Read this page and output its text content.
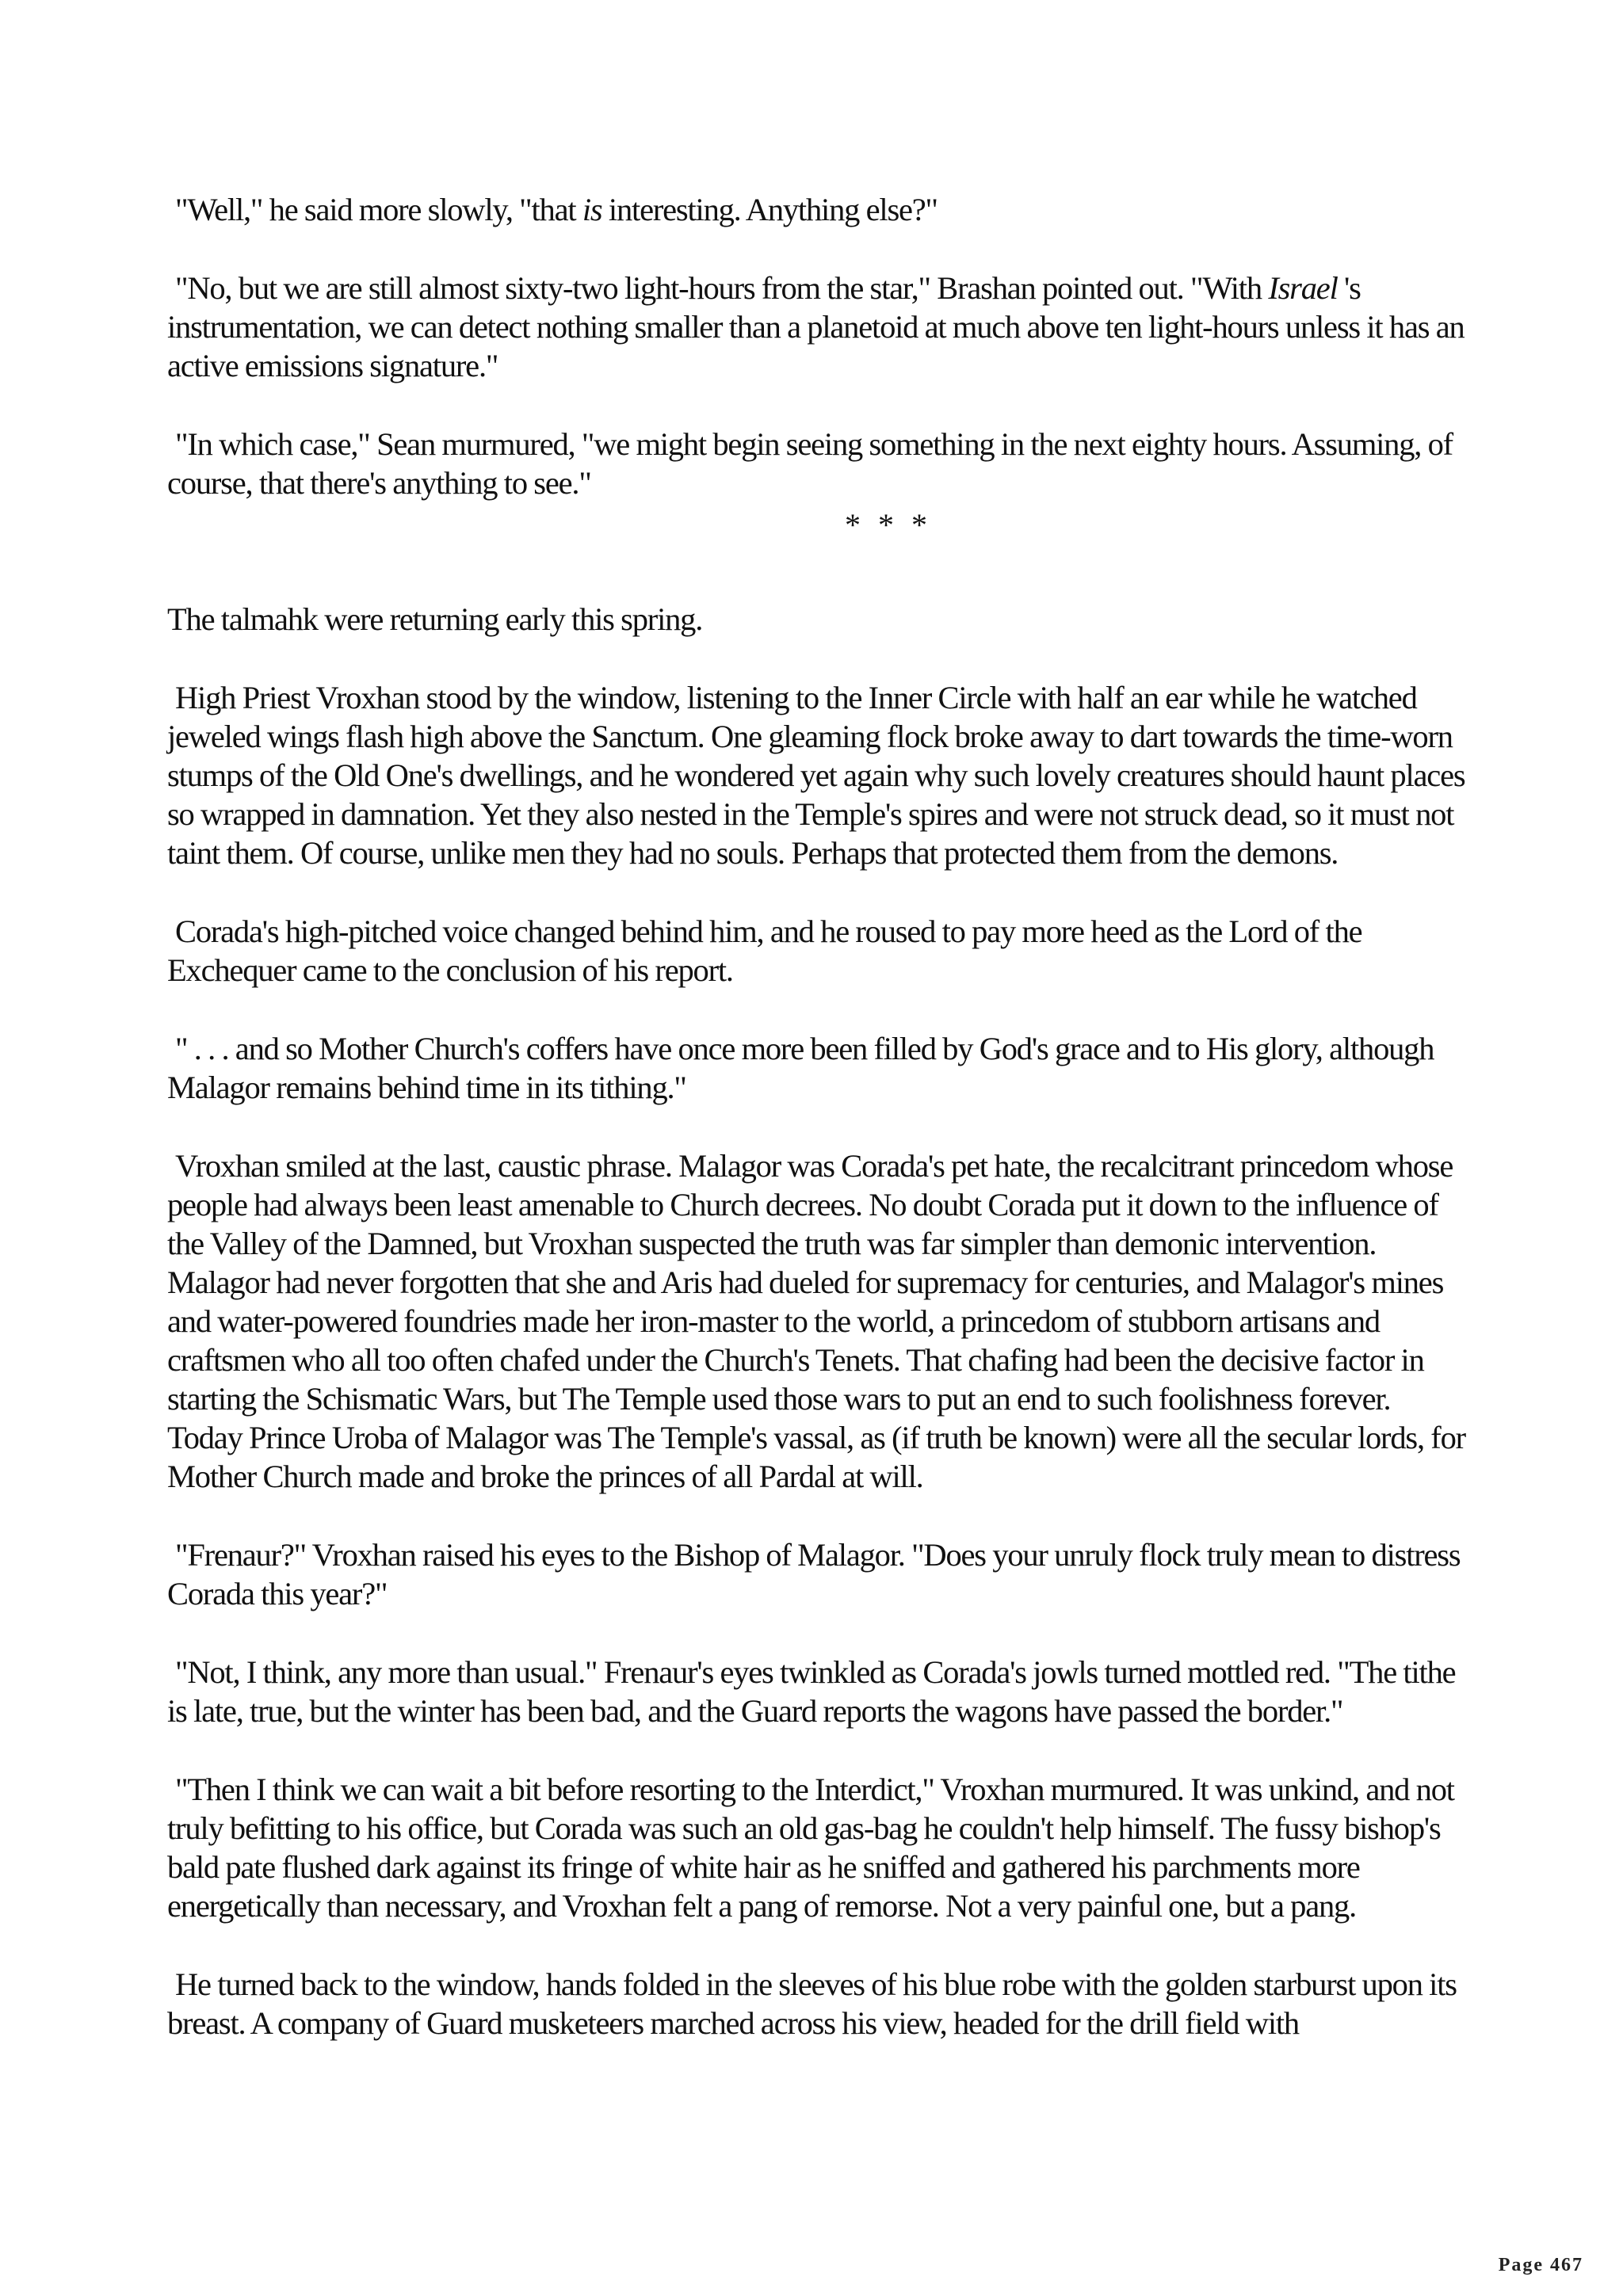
"Well," he said more slowly, "that is interesting. Anything else?"

"No, but we are still almost sixty-two light-hours from the star," Brashan pointed out. "With Israel 's instrumentation, we can detect nothing smaller than a planetoid at much above ten light-hours unless it has an active emissions signature."

"In which case," Sean murmured, "we might begin seeing something in the next eighty hours. Assuming, of course, that there's anything to see."

* * *

The talmahk were returning early this spring.

High Priest Vroxhan stood by the window, listening to the Inner Circle with half an ear while he watched jeweled wings flash high above the Sanctum. One gleaming flock broke away to dart towards the time-worn stumps of the Old One's dwellings, and he wondered yet again why such lovely creatures should haunt places so wrapped in damnation. Yet they also nested in the Temple's spires and were not struck dead, so it must not taint them. Of course, unlike men they had no souls. Perhaps that protected them from the demons.

Corada's high-pitched voice changed behind him, and he roused to pay more heed as the Lord of the Exchequer came to the conclusion of his report.

" . . . and so Mother Church's coffers have once more been filled by God's grace and to His glory, although Malagor remains behind time in its tithing."

Vroxhan smiled at the last, caustic phrase. Malagor was Corada's pet hate, the recalcitrant princedom whose people had always been least amenable to Church decrees. No doubt Corada put it down to the influence of the Valley of the Damned, but Vroxhan suspected the truth was far simpler than demonic intervention. Malagor had never forgotten that she and Aris had dueled for supremacy for centuries, and Malagor's mines and water-powered foundries made her iron-master to the world, a princedom of stubborn artisans and craftsmen who all too often chafed under the Church's Tenets. That chafing had been the decisive factor in starting the Schismatic Wars, but The Temple used those wars to put an end to such foolishness forever. Today Prince Uroba of Malagor was The Temple's vassal, as (if truth be known) were all the secular lords, for Mother Church made and broke the princes of all Pardal at will.

"Frenaur?" Vroxhan raised his eyes to the Bishop of Malagor. "Does your unruly flock truly mean to distress Corada this year?"

"Not, I think, any more than usual." Frenaur's eyes twinkled as Corada's jowls turned mottled red. "The tithe is late, true, but the winter has been bad, and the Guard reports the wagons have passed the border."

"Then I think we can wait a bit before resorting to the Interdict," Vroxhan murmured. It was unkind, and not truly befitting to his office, but Corada was such an old gas-bag he couldn't help himself. The fussy bishop's bald pate flushed dark against its fringe of white hair as he sniffed and gathered his parchments more energetically than necessary, and Vroxhan felt a pang of remorse. Not a very painful one, but a pang.

He turned back to the window, hands folded in the sleeves of his blue robe with the golden starburst upon its breast. A company of Guard musketeers marched across his view, headed for the drill field with

Page 467
